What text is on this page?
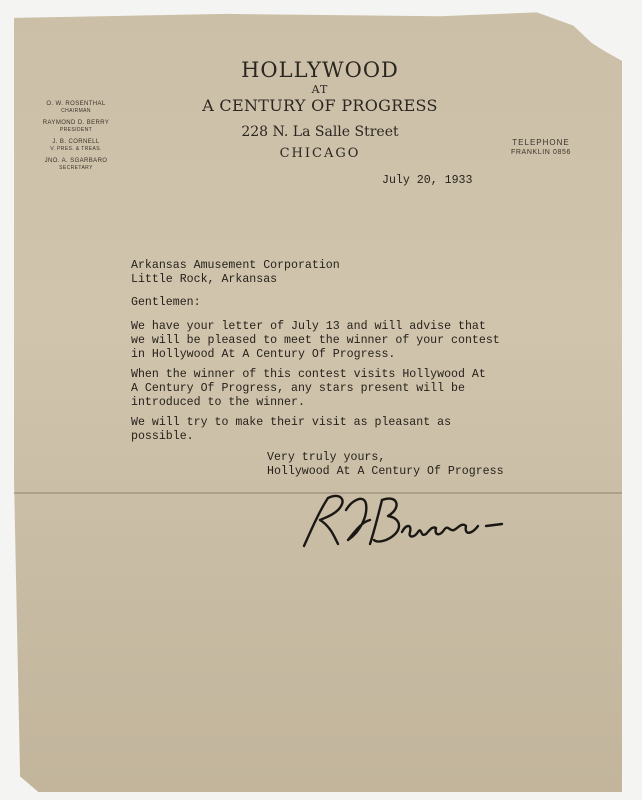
HOLLYWOOD
AT
A CENTURY OF PROGRESS
228 N. La Salle Street
CHICAGO
O. W. ROSENTHAL
CHAIRMAN
RAYMOND D. BERRY
PRESIDENT
J. B. CORNELL
V. PRES. & TREAS.
JNO. A. SGARBARO
SECRETARY
TELEPHONE
FRANKLIN 0856
July 20, 1933
Arkansas Amusement Corporation
Little Rock, Arkansas
Gentlemen:
We have your letter of July 13 and will advise that
we will be pleased to meet the winner of your contest
in Hollywood At A Century Of Progress.
When the winner of this contest visits Hollywood At
A Century Of Progress, any stars present will be
introduced to the winner.
We will try to make their visit as pleasant as
possible.
Very truly yours,
Hollywood At A Century Of Progress
